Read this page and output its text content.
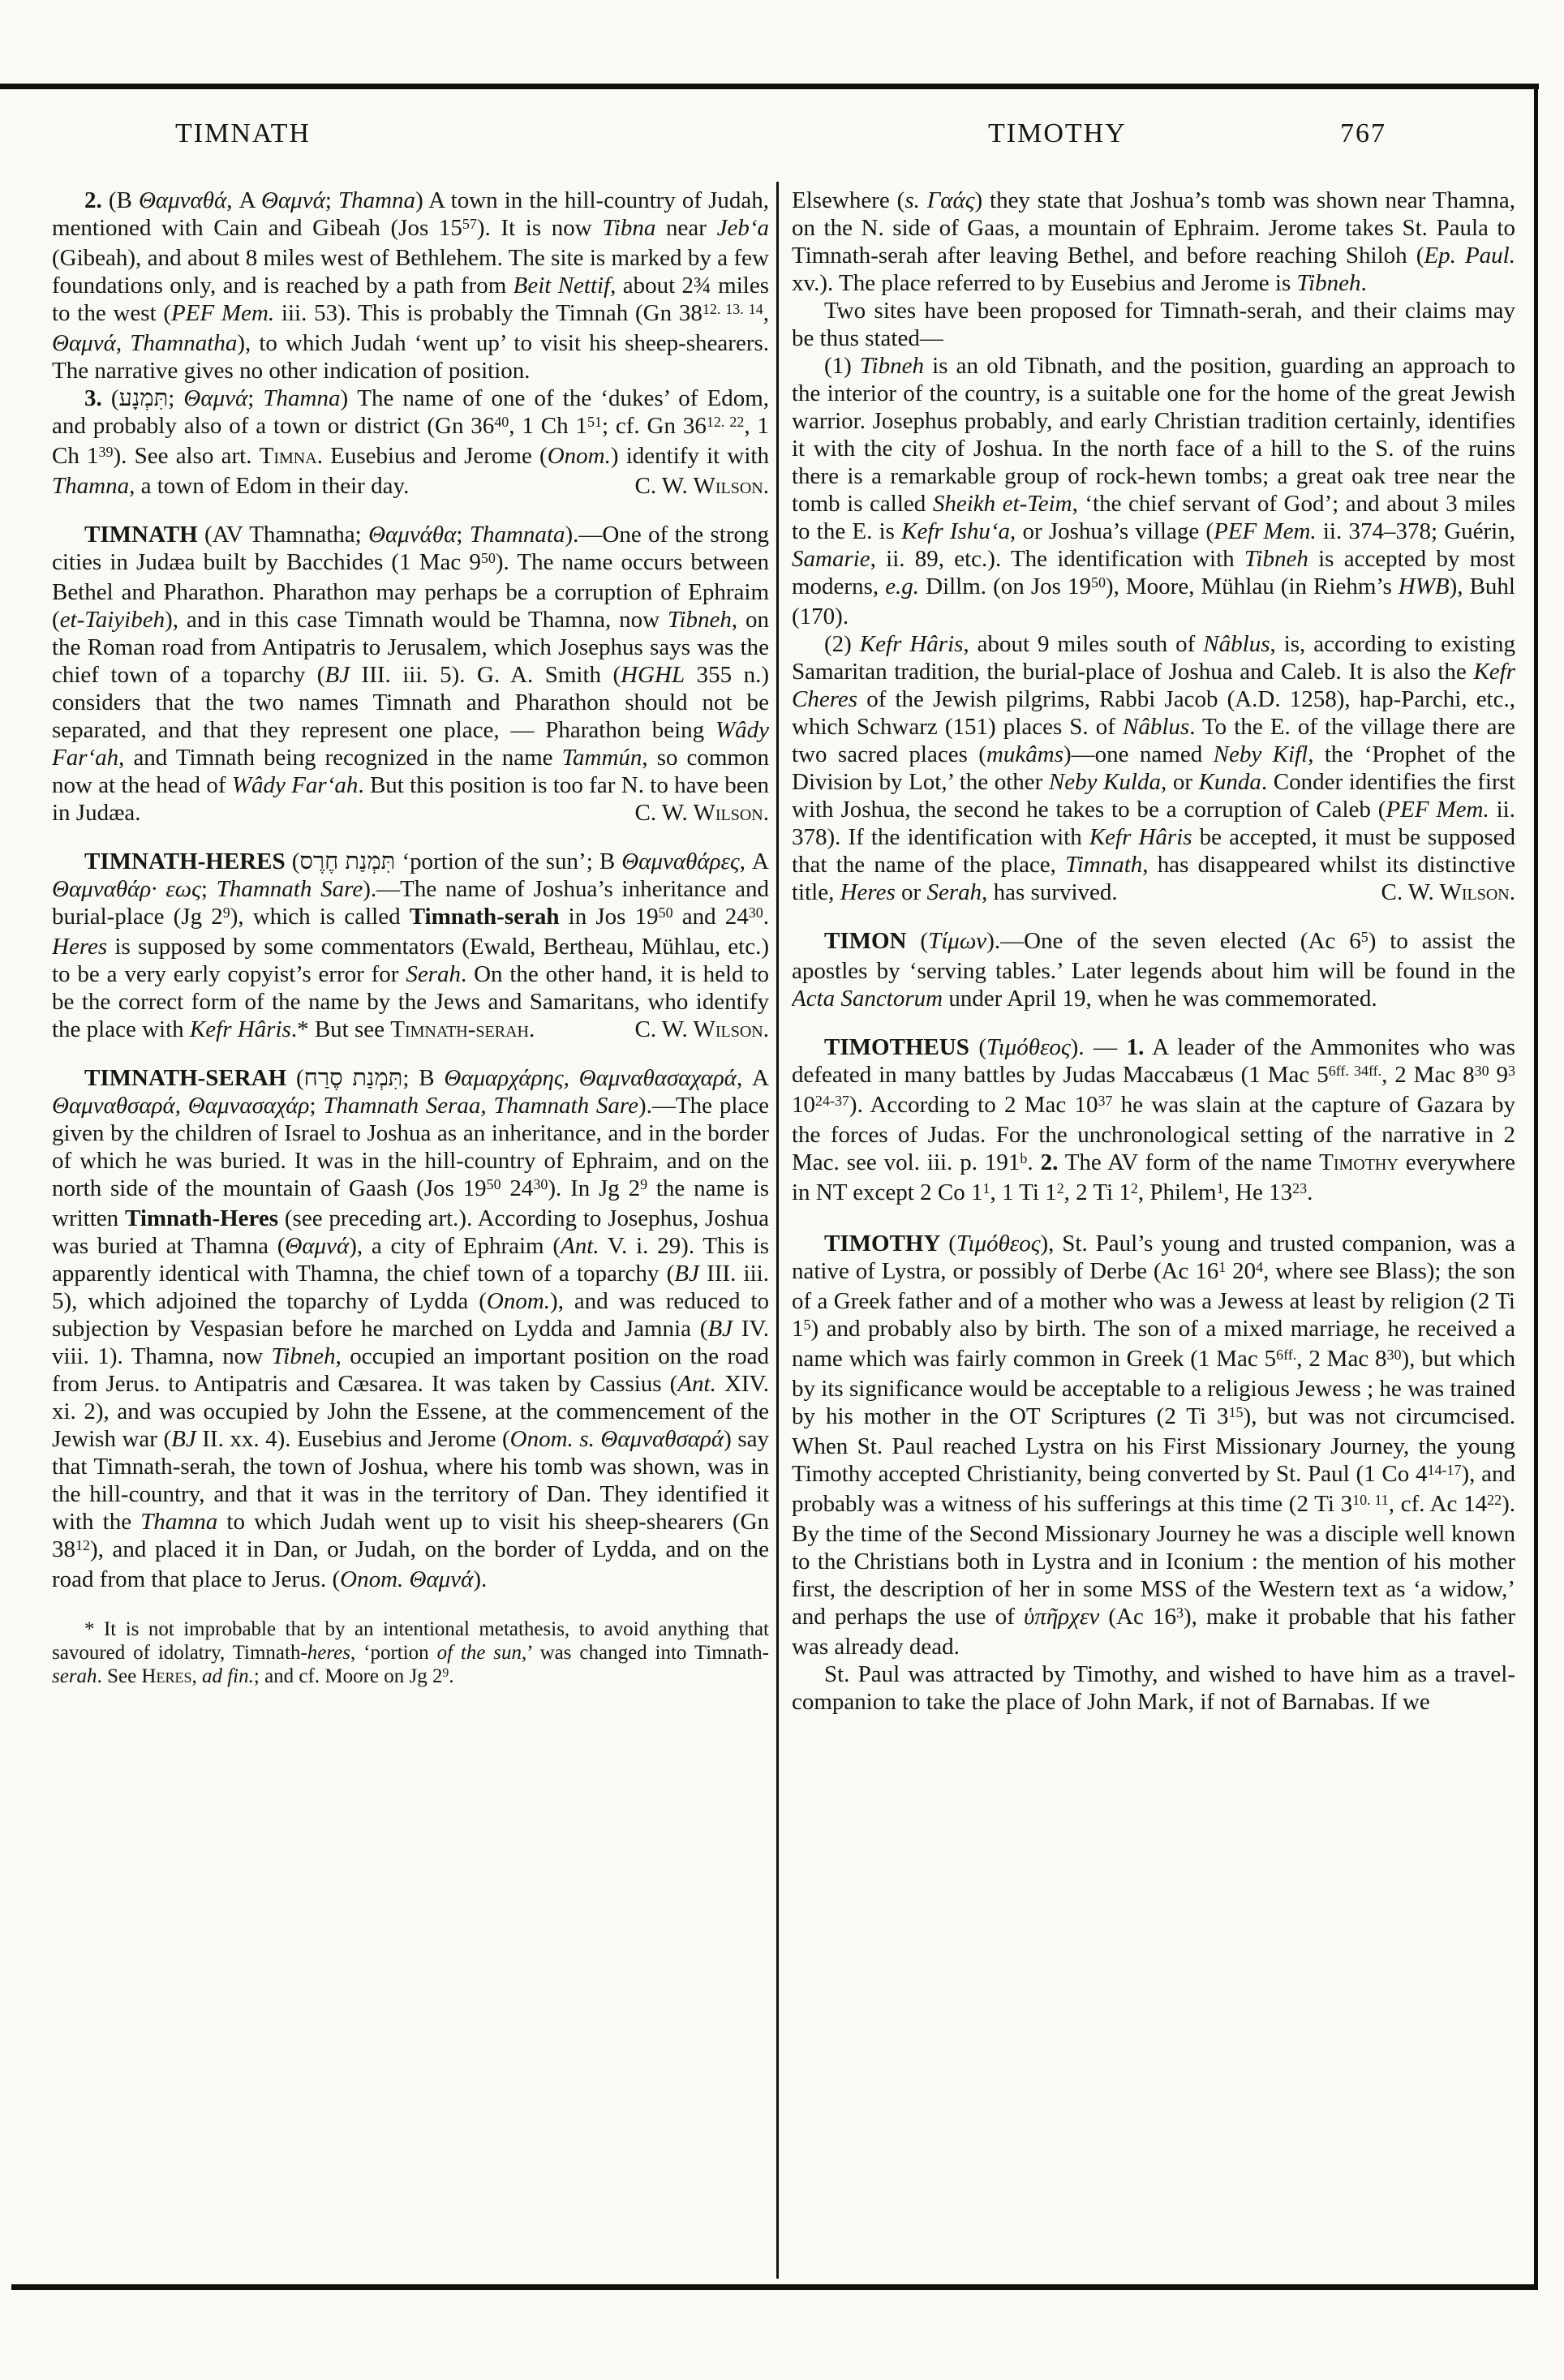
TIMNATH	TIMOTHY	767

2. (B Θαμναθά, A Θαμνά; Thamna) A town in the hill-country of Judah, mentioned with Cain and Gibeah (Jos $15^{57}$). It is now Tibna near Jeb‘a (Gibeah), and about 8 miles west of Bethlehem. The site is marked by a few foundations only, and is reached by a path from Beit Nettif, about 2¾ miles to the west (PEF Mem. iii. 53). This is probably the Timnah (Gn $38^{12. 13. 14}$, Θαμνά, Thamnatha), to which Judah ‘went up’ to visit his sheep-shearers. The narrative gives no other indication of position.

3. (תִּמְנָע; Θαμνά; Thamna) The name of one of the ‘dukes’ of Edom, and probably also of a town or district (Gn $36^{40}$, 1 Ch $1^{51}$; cf. Gn $36^{12. 22}$, 1 Ch $1^{39}$). See also art. Timna. Eusebius and Jerome (Onom.) identify it with Thamna, a town of Edom in their day.	C. W. Wilson.

TIMNATH (AV Thamnatha; Θαμνάθα; Thamnata).—One of the strong cities in Judæa built by Bacchides (1 Mac $9^{50}$). The name occurs between Bethel and Pharathon. Pharathon may perhaps be a corruption of Ephraim (et-Taiyibeh), and in this case Timnath would be Thamna, now Tibneh, on the Roman road from Antipatris to Jerusalem, which Josephus says was the chief town of a toparchy (BJ III. iii. 5). G. A. Smith (HGHL 355 n.) considers that the two names Timnath and Pharathon should not be separated, and that they represent one place, — Pharathon being Wâdy Far‘ah, and Timnath being recognized in the name Tammún, so common now at the head of Wâdy Far‘ah. But this position is too far N. to have been in Judæa.	C. W. Wilson.

TIMNATH-HERES (תִּמְנַת חֶרֶס ‘portion of the sun’; B Θαμναθάρες, A Θαμναθάρ· εως; Thamnath Sare).—The name of Joshua’s inheritance and burial-place (Jg $2^9$), which is called Timnath-serah in Jos $19^{50}$ and $24^{30}$. Heres is supposed by some commentators (Ewald, Bertheau, Mühlau, etc.) to be a very early copyist’s error for Serah. On the other hand, it is held to be the correct form of the name by the Jews and Samaritans, who identify the place with Kefr Hâris.* But see Timnath-serah.	C. W. Wilson.

TIMNATH-SERAH (תִּמְנַת סֶרַח; B Θαμαρχάρης, Θαμναθασαχαρά, A Θαμναθσαρά, Θαμνασαχάρ; Thamnath Seraa, Thamnath Sare).—The place given by the children of Israel to Joshua as an inheritance, and in the border of which he was buried. It was in the hill-country of Ephraim, and on the north side of the mountain of Gaash (Jos $19^{50}$ $24^{30}$). In Jg $2^9$ the name is written Timnath-Heres (see preceding art.). According to Josephus, Joshua was buried at Thamna (Θαμνά), a city of Ephraim (Ant. V. i. 29). This is apparently identical with Thamna, the chief town of a toparchy (BJ III. iii. 5), which adjoined the toparchy of Lydda (Onom.), and was reduced to subjection by Vespasian before he marched on Lydda and Jamnia (BJ IV. viii. 1). Thamna, now Tibneh, occupied an important position on the road from Jerus. to Antipatris and Cæsarea. It was taken by Cassius (Ant. XIV. xi. 2), and was occupied by John the Essene, at the commencement of the Jewish war (BJ II. xx. 4). Eusebius and Jerome (Onom. s. Θαμναθσαρά) say that Timnath-serah, the town of Joshua, where his tomb was shown, was in the hill-country, and that it was in the territory of Dan. They identified it with the Thamna to which Judah went up to visit his sheep-shearers (Gn $38^{12}$), and placed it in Dan, or Judah, on the border of Lydda, and on the road from that place to Jerus. (Onom. Θαμνά).

* It is not improbable that by an intentional metathesis, to avoid anything that savoured of idolatry, Timnath-heres, ‘portion of the sun,’ was changed into Timnath-serah. See Heres, ad fin.; and cf. Moore on Jg $2^9$.

Elsewhere (s. Γαάς) they state that Joshua’s tomb was shown near Thamna, on the N. side of Gaas, a mountain of Ephraim. Jerome takes St. Paula to Timnath-serah after leaving Bethel, and before reaching Shiloh (Ep. Paul. xv.). The place referred to by Eusebius and Jerome is Tibneh.

Two sites have been proposed for Timnath-serah, and their claims may be thus stated—

(1) Tibneh is an old Tibnath, and the position, guarding an approach to the interior of the country, is a suitable one for the home of the great Jewish warrior. Josephus probably, and early Christian tradition certainly, identifies it with the city of Joshua. In the north face of a hill to the S. of the ruins there is a remarkable group of rock-hewn tombs; a great oak tree near the tomb is called Sheikh et-Teim, ‘the chief servant of God’; and about 3 miles to the E. is Kefr Ishu‘a, or Joshua’s village (PEF Mem. ii. 374–378; Guérin, Samarie, ii. 89, etc.). The identification with Tibneh is accepted by most moderns, e.g. Dillm. (on Jos $19^{50}$), Moore, Mühlau (in Riehm’s HWB), Buhl (170).

(2) Kefr Hâris, about 9 miles south of Nâblus, is, according to existing Samaritan tradition, the burial-place of Joshua and Caleb. It is also the Kefr Cheres of the Jewish pilgrims, Rabbi Jacob (A.D. 1258), hap-Parchi, etc., which Schwarz (151) places S. of Nâblus. To the E. of the village there are two sacred places (mukâms)—one named Neby Kifl, the ‘Prophet of the Division by Lot,’ the other Neby Kulda, or Kunda. Conder identifies the first with Joshua, the second he takes to be a corruption of Caleb (PEF Mem. ii. 378). If the identification with Kefr Hâris be accepted, it must be supposed that the name of the place, Timnath, has disappeared whilst its distinctive title, Heres or Serah, has survived.	C. W. Wilson.

TIMON (Τίμων).—One of the seven elected (Ac $6^5$) to assist the apostles by ‘serving tables.’ Later legends about him will be found in the Acta Sanctorum under April 19, when he was commemorated.

TIMOTHEUS (Τιμόθεος). — 1. A leader of the Ammonites who was defeated in many battles by Judas Maccabæus (1 Mac $5^{6ff. 34ff.}$, 2 Mac $8^{30}$ $9^3$ 10$^{24-37}$). According to 2 Mac $10^{37}$ he was slain at the capture of Gazara by the forces of Judas. For the unchronological setting of the narrative in 2 Mac. see vol. iii. p. 191$^b$. 2. The AV form of the name Timothy everywhere in NT except 2 Co $1^1$, 1 Ti $1^2$, 2 Ti $1^2$, Philem$^1$, He $13^{23}$.

TIMOTHY (Τιμόθεος), St. Paul’s young and trusted companion, was a native of Lystra, or possibly of Derbe (Ac $16^1$ $20^4$, where see Blass); the son of a Greek father and of a mother who was a Jewess at least by religion (2 Ti $1^5$) and probably also by birth. The son of a mixed marriage, he received a name which was fairly common in Greek (1 Mac $5^{6ff.}$, 2 Mac $8^{30}$), but which by its significance would be acceptable to a religious Jewess ; he was trained by his mother in the OT Scriptures (2 Ti $3^{15}$), but was not circumcised. When St. Paul reached Lystra on his First Missionary Journey, the young Timothy accepted Christianity, being converted by St. Paul (1 Co 4$^{14-17}$), and probably was a witness of his sufferings at this time (2 Ti $3^{10. 11}$, cf. Ac $14^{22}$). By the time of the Second Missionary Journey he was a disciple well known to the Christians both in Lystra and in Iconium : the mention of his mother first, the description of her in some MSS of the Western text as ‘a widow,’ and perhaps the use of ὑπῆρχεν (Ac $16^3$), make it probable that his father was already dead.

St. Paul was attracted by Timothy, and wished to have him as a travel-companion to take the place of John Mark, if not of Barnabas. If we
